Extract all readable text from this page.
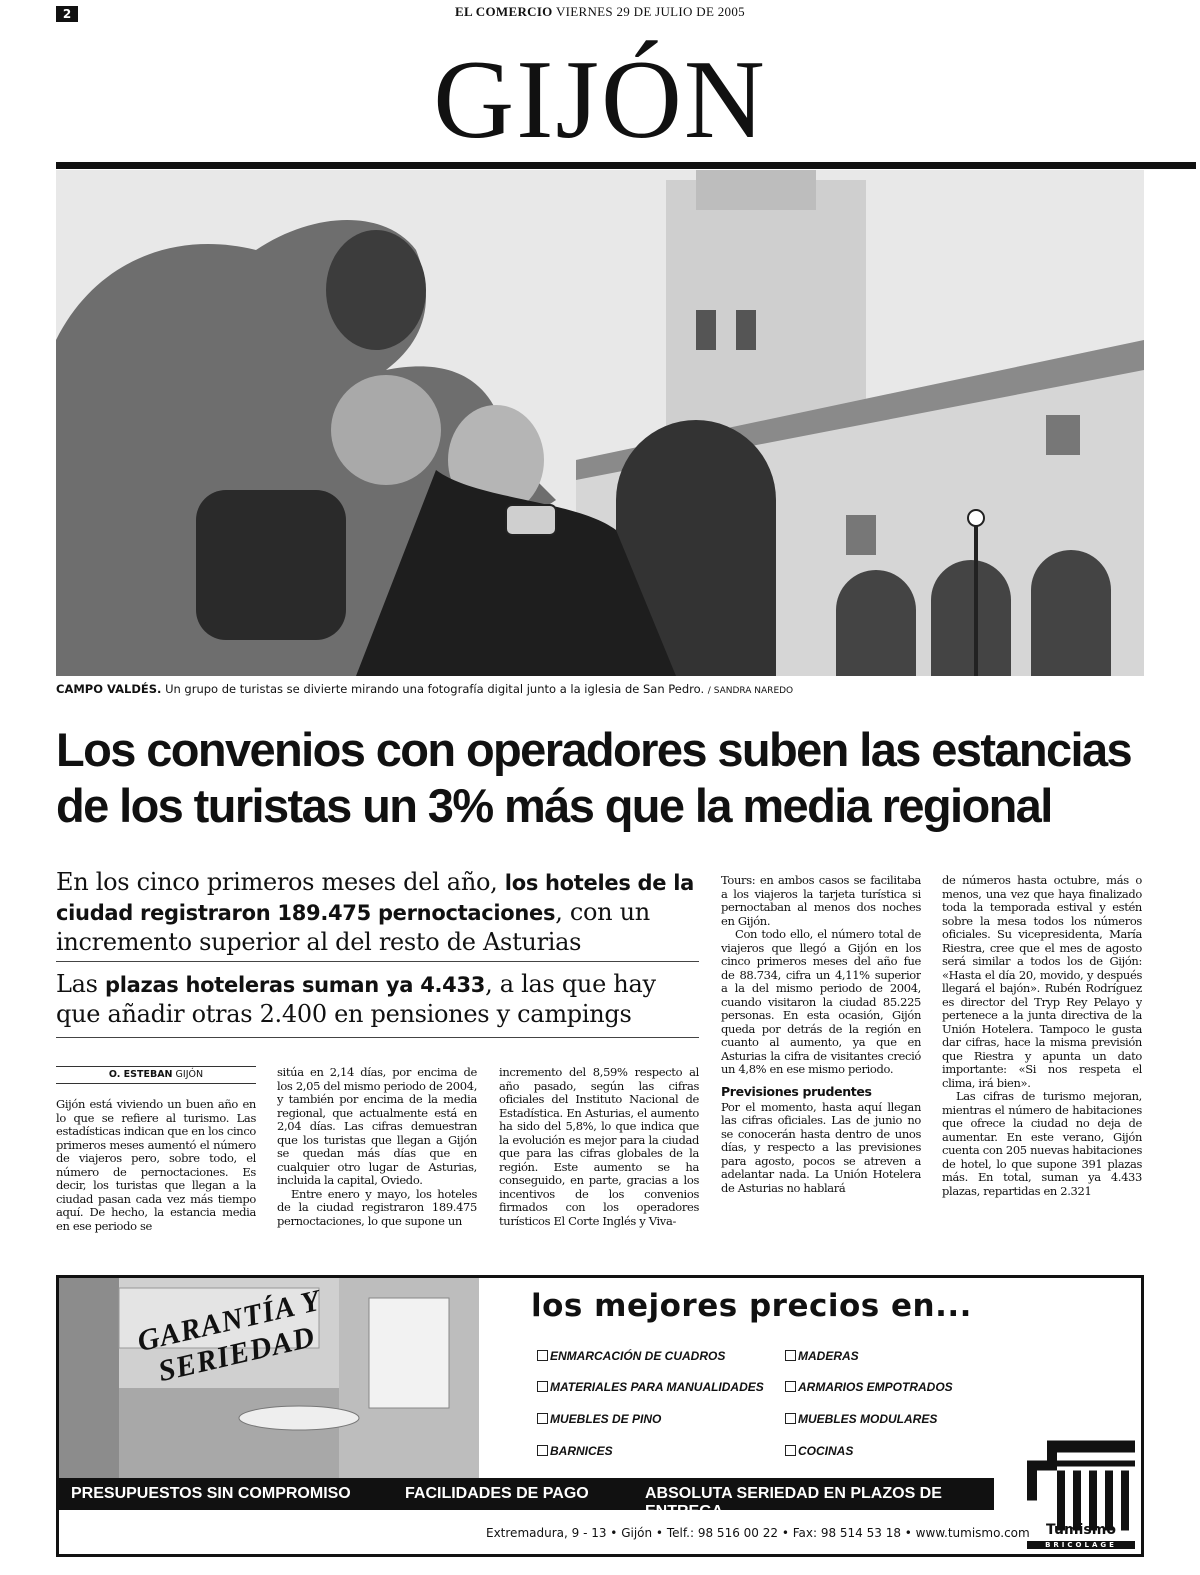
2	EL COMERCIO VIERNES 29 DE JULIO DE 2005
GIJÓN
CAMPO VALDÉS. Un grupo de turistas se divierte mirando una fotografía digital junto a la iglesia de San Pedro. / SANDRA NAREDO
Los convenios con operadores suben las estancias
de los turistas un 3% más que la media regional
En los cinco primeros meses del año, los hoteles de la ciudad registraron 189.475 pernoctaciones, con un incremento superior al del resto de Asturias
Las plazas hoteleras suman ya 4.433, a las que hay que añadir otras 2.400 en pensiones y campings
O. ESTEBAN GIJÓN

Gijón está viviendo un buen año en lo que se refiere al turismo. Las estadísticas indican que en los cinco primeros meses aumentó el número de viajeros pero, sobre todo, el número de pernoctaciones. Es decir, los turistas que llegan a la ciudad pasan cada vez más tiempo aquí. De hecho, la estancia media en ese periodo se

sitúa en 2,14 días, por encima de los 2,05 del mismo periodo de 2004, y también por encima de la media regional, que actualmente está en 2,04 días. Las cifras demuestran que los turistas que llegan a Gijón se quedan más días que en cualquier otro lugar de Asturias, incluida la capital, Oviedo.

Entre enero y mayo, los hoteles de la ciudad registraron 189.475 pernoctaciones, lo que supone un

incremento del 8,59% respecto al año pasado, según las cifras oficiales del Instituto Nacional de Estadística. En Asturias, el aumento ha sido del 5,8%, lo que indica que la evolución es mejor para la ciudad que para las cifras globales de la región. Este aumento se ha conseguido, en parte, gracias a los incentivos de los convenios firmados con los operadores turísticos El Corte Inglés y Viva-

Tours: en ambos casos se facilitaba a los viajeros la tarjeta turística si pernoctaban al menos dos noches en Gijón.

Con todo ello, el número total de viajeros que llegó a Gijón en los cinco primeros meses del año fue de 88.734, cifra un 4,11% superior a la del mismo periodo de 2004, cuando visitaron la ciudad 85.225 personas. En esta ocasión, Gijón queda por detrás de la región en cuanto al aumento, ya que en Asturias la cifra de visitantes creció un 4,8% en ese mismo periodo.

Previsiones prudentes

Por el momento, hasta aquí llegan las cifras oficiales. Las de junio no se conocerán hasta dentro de unos días, y respecto a las previsiones para agosto, pocos se atreven a adelantar nada. La Unión Hotelera de Asturias no hablará

de números hasta octubre, más o menos, una vez que haya finalizado toda la temporada estival y estén sobre la mesa todos los números oficiales. Su vicepresidenta, María Riestra, cree que el mes de agosto será similar a todos los de Gijón: «Hasta el día 20, movido, y después llegará el bajón». Rubén Rodríguez es director del Tryp Rey Pelayo y pertenece a la junta directiva de la Unión Hotelera. Tampoco le gusta dar cifras, hace la misma previsión que Riestra y apunta un dato importante: «Si nos respeta el clima, irá bien».

Las cifras de turismo mejoran, mientras el número de habitaciones que ofrece la ciudad no deja de aumentar. En este verano, Gijón cuenta con 205 nuevas habitaciones de hotel, lo que supone 391 plazas más. En total, suman ya 4.433 plazas, repartidas en 2.321

GARANTÍA Y SERIEDAD
los mejores precios en...
ENMARCACIÓN DE CUADROS
MATERIALES PARA MANUALIDADES
MUEBLES DE PINO
BARNICES
MADERAS
ARMARIOS EMPOTRADOS
MUEBLES MODULARES
COCINAS
PRESUPUESTOS SIN COMPROMISO	FACILIDADES DE PAGO	ABSOLUTA SERIEDAD EN PLAZOS DE ENTREGA
Extremadura, 9 - 13 • Gijón • Telf.: 98 516 00 22 • Fax: 98 514 53 18 • www.tumismo.com	Tumismo
BRICOLAGE
